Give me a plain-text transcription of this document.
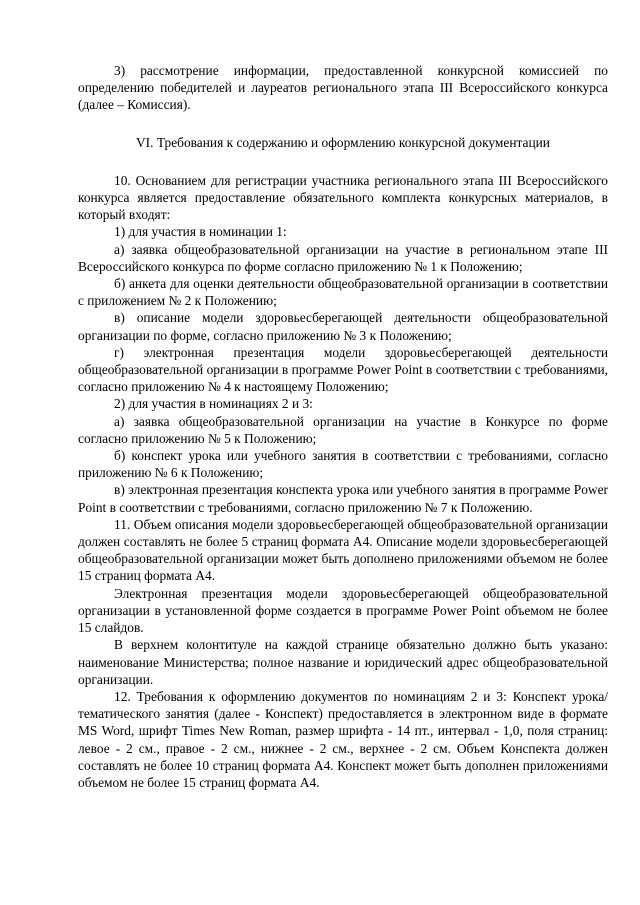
3) рассмотрение информации, предоставленной конкурсной комиссией по определению победителей и лауреатов регионального этапа III Всероссийского конкурса (далее – Комиссия).

VI. Требования к содержанию и оформлению конкурсной документации

10. Основанием для регистрации участника регионального этапа III Всероссийского конкурса является предоставление обязательного комплекта конкурсных материалов, в который входят:

1) для участия в номинации 1:

а) заявка общеобразовательной организации на участие в региональном этапе III Всероссийского конкурса по форме согласно приложению № 1 к Положению;

б) анкета для оценки деятельности общеобразовательной организации в соответствии с приложением № 2 к Положению;

в) описание модели здоровьесберегающей деятельности общеобразовательной организации по форме, согласно приложению № 3 к Положению;

г) электронная презентация модели здоровьесберегающей деятельности общеобразовательной организации в программе Power Point в соответствии с требованиями, согласно приложению № 4 к настоящему Положению;

2) для участия в номинациях 2 и 3:

а) заявка общеобразовательной организации на участие в Конкурсе по форме согласно приложению № 5 к Положению;

б) конспект урока или учебного занятия в соответствии с требованиями, согласно приложению № 6 к Положению;

в) электронная презентация конспекта урока или учебного занятия в программе Power Point в соответствии с требованиями, согласно приложению № 7 к Положению.

11. Объем описания модели здоровьесберегающей общеобразовательной организации должен составлять не более 5 страниц формата А4. Описание модели здоровьесберегающей общеобразовательной организации может быть дополнено приложениями объемом не более 15 страниц формата А4.

Электронная презентация модели здоровьесберегающей общеобразовательной организации в установленной форме создается в программе Power Point объемом не более 15 слайдов.

В верхнем колонтитуле на каждой странице обязательно должно быть указано: наименование Министерства; полное название и юридический адрес общеобразовательной организации.

12. Требования к оформлению документов по номинациям 2 и 3: Конспект урока/тематического занятия (далее - Конспект) предоставляется в электронном виде в формате MS Word, шрифт Times New Roman, размер шрифта - 14 пт., интервал - 1,0, поля страниц: левое - 2 см., правое - 2 см., нижнее - 2 см., верхнее - 2 см. Объем Конспекта должен составлять не более 10 страниц формата А4. Конспект может быть дополнен приложениями объемом не более 15 страниц формата А4.
